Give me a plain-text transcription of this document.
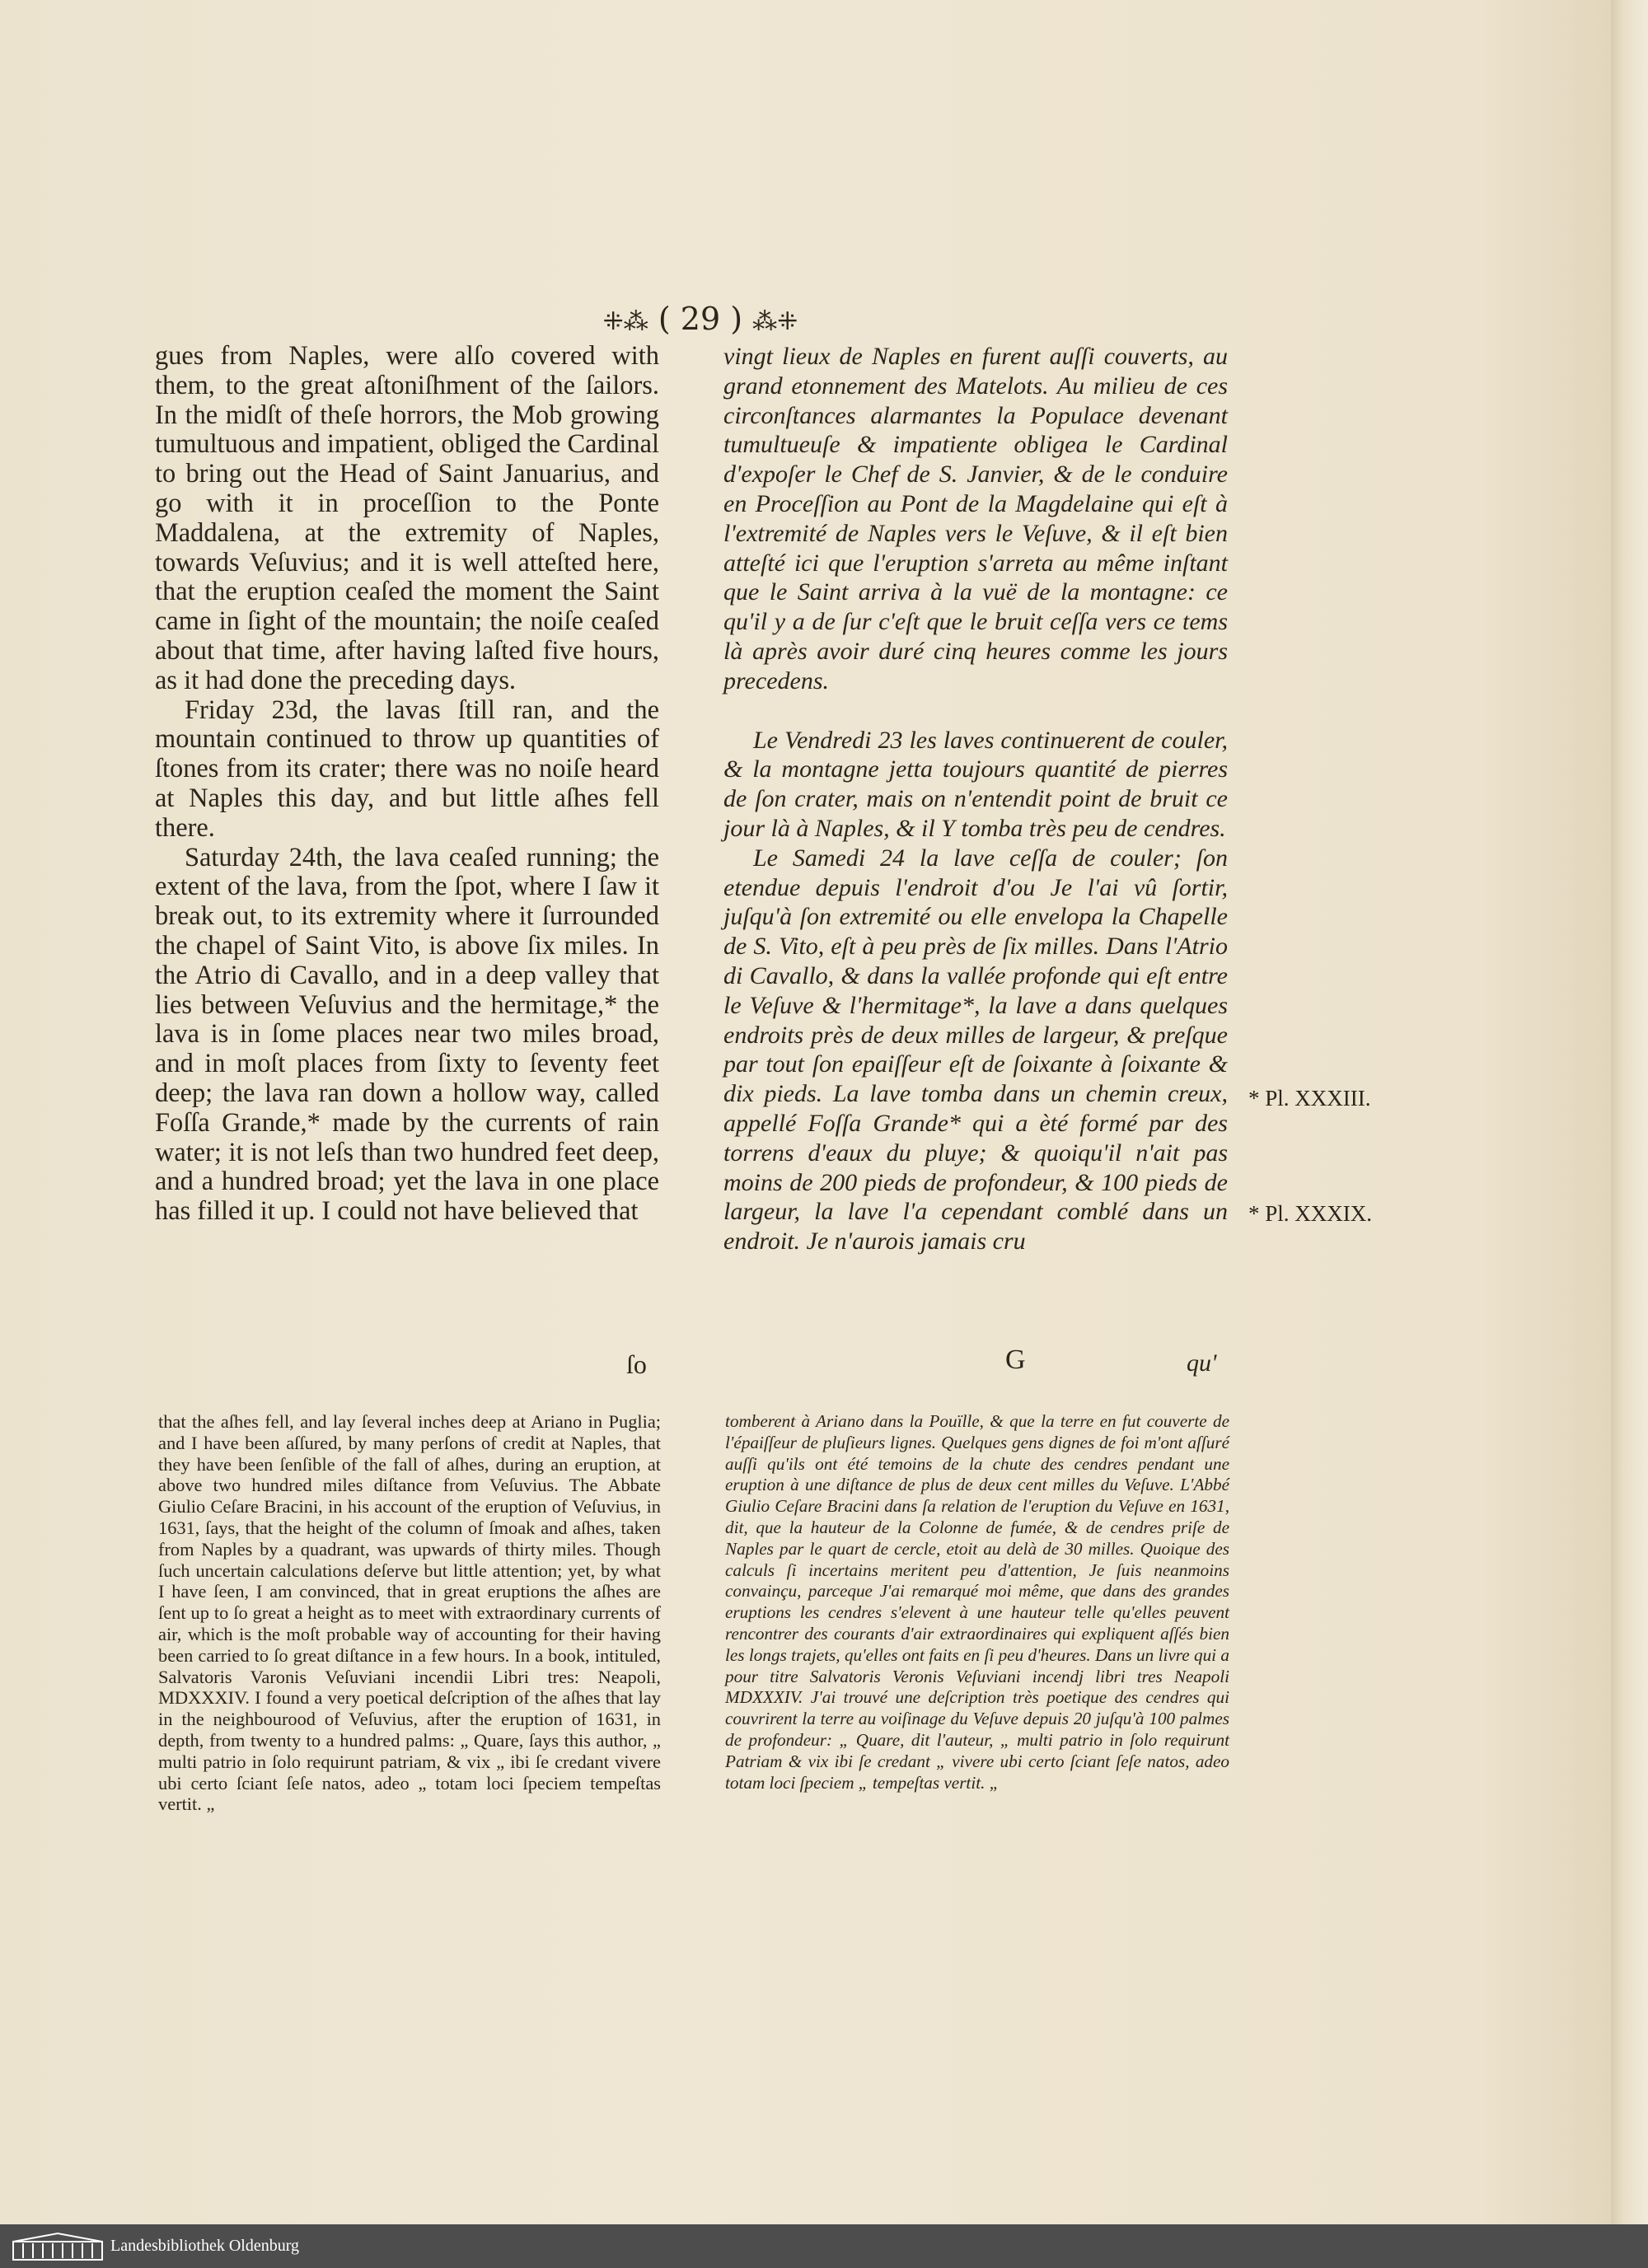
⁜⁂ ( 29 ) ⁂⁜

gues from Naples, were alſo covered with them, to the great aſtoniſhment of the ſailors. In the midſt of theſe horrors, the Mob growing tumultuous and impatient, obliged the Cardinal to bring out the Head of Saint Januarius, and go with it in proceſſion to the Ponte Maddalena, at the extremity of Naples, towards Veſuvius; and it is well atteſted here, that the eruption ceaſed the moment the Saint came in ſight of the mountain; the noiſe ceaſed about that time, after having laſted five hours, as it had done the preceding days.

Friday 23d, the lavas ſtill ran, and the mountain continued to throw up quantities of ſtones from its crater; there was no noiſe heard at Naples this day, and but little aſhes fell there.

Saturday 24th, the lava ceaſed running; the extent of the lava, from the ſpot, where I ſaw it break out, to its extremity where it ſurrounded the chapel of Saint Vito, is above ſix miles. In the Atrio di Cavallo, and in a deep valley that lies between Veſuvius and the hermitage,* the lava is in ſome places near two miles broad, and in moſt places from ſixty to ſeventy feet deep; the lava ran down a hollow way, called Foſſa Grande,* made by the currents of rain water; it is not leſs than two hundred feet deep, and a hundred broad; yet the lava in one place has filled it up. I could not have believed that

vingt lieux de Naples en furent auſſi couverts, au grand etonnement des Matelots. Au milieu de ces circonſtances alarmantes la Populace devenant tumultueuſe & impatiente obligea le Cardinal d'expoſer le Chef de S. Janvier, & de le conduire en Proceſſion au Pont de la Magdelaine qui eſt à l'extremité de Naples vers le Veſuve, & il eſt bien atteſté ici que l'eruption s'arreta au même inſtant que le Saint arriva à la vuë de la montagne: ce qu'il y a de ſur c'eſt que le bruit ceſſa vers ce tems là après avoir duré cinq heures comme les jours precedens.

Le Vendredi 23 les laves continuerent de couler, & la montagne jetta toujours quantité de pierres de ſon crater, mais on n'entendit point de bruit ce jour là à Naples, & il Y tomba très peu de cendres.

Le Samedi 24 la lave ceſſa de couler; ſon etendue depuis l'endroit d'ou Je l'ai vû ſortir, juſqu'à ſon extremité ou elle envelopa la Chapelle de S. Vito, eſt à peu près de ſix milles. Dans l'Atrio di Cavallo, & dans la vallée profonde qui eſt entre le Veſuve & l'hermitage*, la lave a dans quelques endroits près de deux milles de largeur, & preſque par tout ſon epaiſſeur eſt de ſoixante à ſoixante & dix pieds. La lave tomba dans un chemin creux, appellé Foſſa Grande* qui a èté formé par des torrens d'eaux du pluye; & quoiqu'il n'ait pas moins de 200 pieds de profondeur, & 100 pieds de largeur, la lave l'a cependant comblé dans un endroit. Je n'aurois jamais cru

* Pl. XXXIII.
* Pl. XXXIX.
ſo	G	qu'
that the aſhes fell, and lay ſeveral inches deep at Ariano in Puglia; and I have been aſſured, by many perſons of credit at Naples, that they have been ſenſible of the fall of aſhes, during an eruption, at above two hundred miles diſtance from Veſuvius. The Abbate Giulio Ceſare Bracini, in his account of the eruption of Veſuvius, in 1631, ſays, that the height of the column of ſmoak and aſhes, taken from Naples by a quadrant, was upwards of thirty miles. Though ſuch uncertain calculations deſerve but little attention; yet, by what I have ſeen, I am convinced, that in great eruptions the aſhes are ſent up to ſo great a height as to meet with extraordinary currents of air, which is the moſt probable way of accounting for their having been carried to ſo great diſtance in a few hours. In a book, intituled, Salvatoris Varonis Veſuviani incendii Libri tres: Neapoli, MDXXXIV. I found a very poetical deſcription of the aſhes that lay in the neighbourood of Veſuvius, after the eruption of 1631, in depth, from twenty to a hundred palms: „ Quare, ſays this author, „ multi patrio in ſolo requirunt patriam, & vix „ ibi ſe credant vivere ubi certo ſciant ſeſe natos, adeo „ totam loci ſpeciem tempeſtas vertit. „
tomberent à Ariano dans la Pouïlle, & que la terre en fut couverte de l'épaiſſeur de pluſieurs lignes. Quelques gens dignes de foi m'ont aſſuré auſſi qu'ils ont été temoins de la chute des cendres pendant une eruption à une diſtance de plus de deux cent milles du Veſuve. L'Abbé Giulio Ceſare Bracini dans ſa relation de l'eruption du Veſuve en 1631, dit, que la hauteur de la Colonne de fumée, & de cendres priſe de Naples par le quart de cercle, etoit au delà de 30 milles. Quoique des calculs ſi incertains meritent peu d'attention, Je ſuis neanmoins convainçu, parceque J'ai remarqué moi même, que dans des grandes eruptions les cendres s'elevent à une hauteur telle qu'elles peuvent rencontrer des courants d'air extraordinaires qui expliquent aſſés bien les longs trajets, qu'elles ont faits en ſi peu d'heures. Dans un livre qui a pour titre Salvatoris Veronis Veſuviani incendj libri tres Neapoli MDXXXIV. J'ai trouvé une deſcription très poetique des cendres qui couvrirent la terre au voiſinage du Veſuve depuis 20 juſqu'à 100 palmes de profondeur: „ Quare, dit l'auteur, „ multi patrio in ſolo requirunt Patriam & vix ibi ſe credant „ vivere ubi certo ſciant ſeſe natos, adeo totam loci ſpeciem „ tempeſtas vertit. „
Landesbibliothek Oldenburg
